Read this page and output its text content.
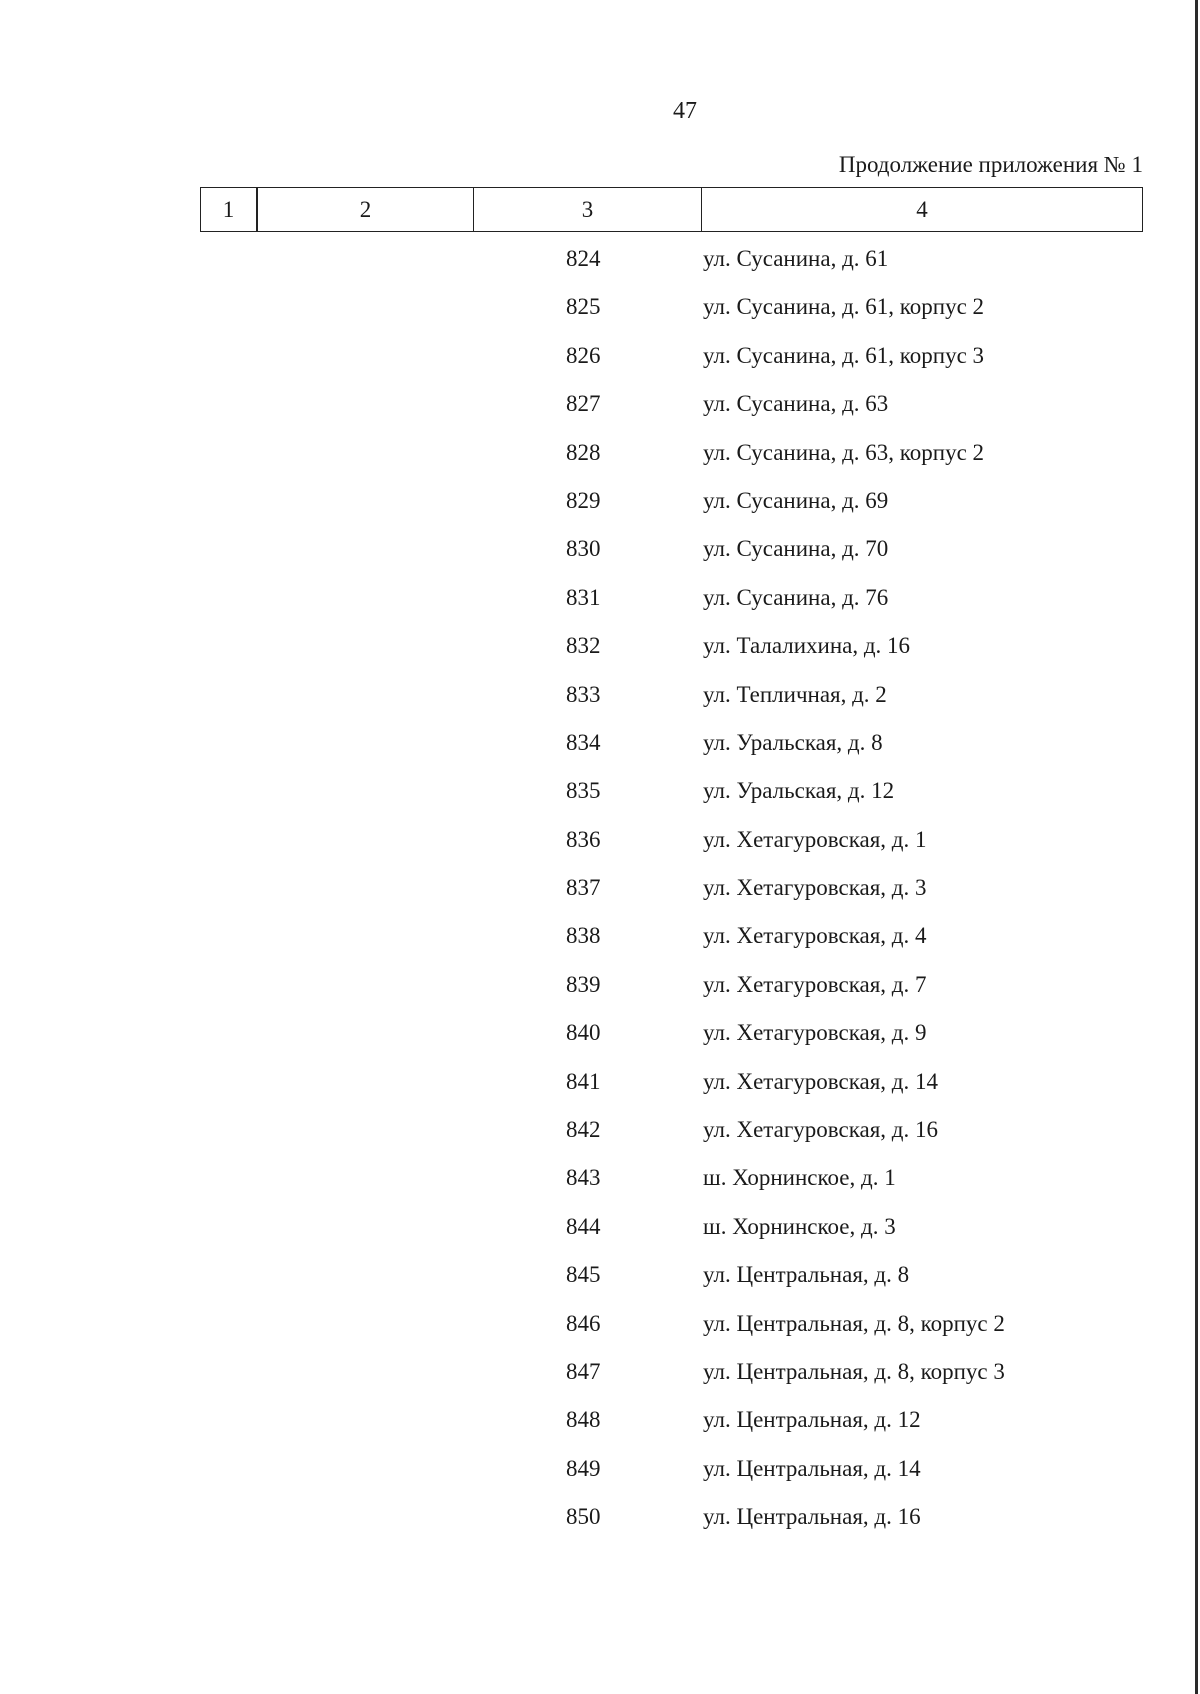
47
Продолжение приложения № 1
1	2	3	4
824	ул. Сусанина, д. 61
825	ул. Сусанина, д. 61, корпус 2
826	ул. Сусанина, д. 61, корпус 3
827	ул. Сусанина, д. 63
828	ул. Сусанина, д. 63, корпус 2
829	ул. Сусанина, д. 69
830	ул. Сусанина, д. 70
831	ул. Сусанина, д. 76
832	ул. Талалихина, д. 16
833	ул. Тепличная, д. 2
834	ул. Уральская, д. 8
835	ул. Уральская, д. 12
836	ул. Хетагуровская, д. 1
837	ул. Хетагуровская, д. 3
838	ул. Хетагуровская, д. 4
839	ул. Хетагуровская, д. 7
840	ул. Хетагуровская, д. 9
841	ул. Хетагуровская, д. 14
842	ул. Хетагуровская, д. 16
843	ш. Хорнинское, д. 1
844	ш. Хорнинское, д. 3
845	ул. Центральная, д. 8
846	ул. Центральная, д. 8, корпус 2
847	ул. Центральная, д. 8, корпус 3
848	ул. Центральная, д. 12
849	ул. Центральная, д. 14
850	ул. Центральная, д. 16
